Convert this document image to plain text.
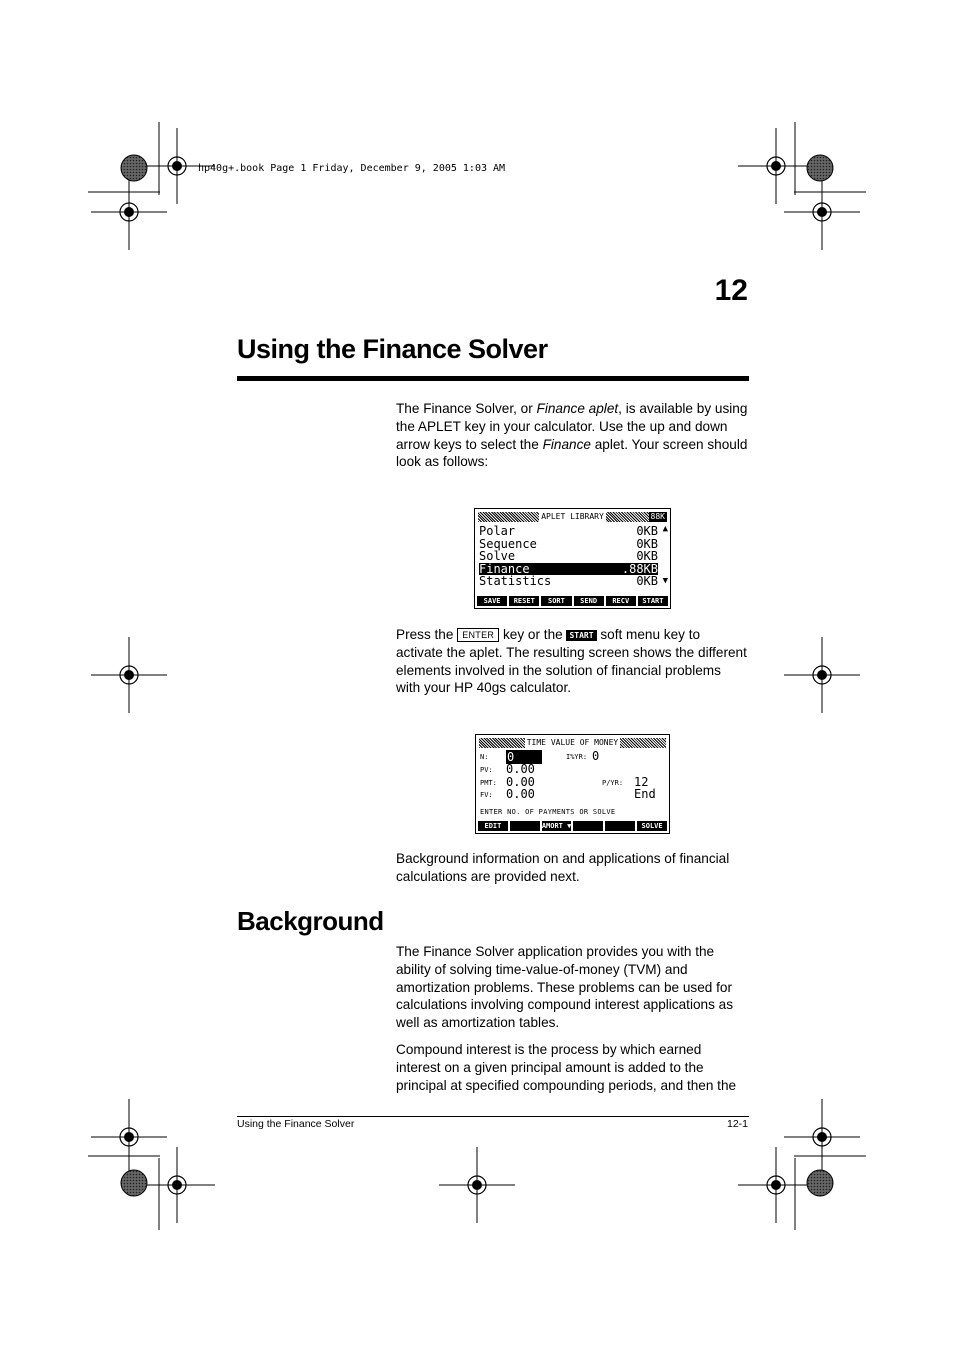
hp40g+.book Page 1 Friday, December 9, 2005 1:03 AM
12
Using the Finance Solver
The Finance Solver, or Finance aplet, is available by using the APLET key in your calculator. Use the up and down arrow keys to select the Finance aplet. Your screen should look as follows:
APLET LIBRARY	88K
Polar	0KB
Sequence	0KB
Solve	0KB
Finance	.88KB
Statistics	0KB
▲
▼
SAVE	RESET	SORT	SEND	RECV	START
Press the ENTER key or the START soft menu key to activate the aplet. The resulting screen shows the different elements involved in the solution of financial problems with your HP 40gs calculator.
TIME VALUE OF MONEY
N: 0	I%YR: 0
PV: 0.00
PMT: 0.00	P/YR: 12
FV: 0.00	End
ENTER NO. OF PAYMENTS OR SOLVE
EDIT	AMORT ▼	SOLVE
Background information on and applications of financial calculations are provided next.
Background
The Finance Solver application provides you with the ability of solving time-value-of-money (TVM) and amortization problems. These problems can be used for calculations involving compound interest applications as well as amortization tables.
Compound interest is the process by which earned interest on a given principal amount is added to the principal at specified compounding periods, and then the
Using the Finance Solver	12-1
